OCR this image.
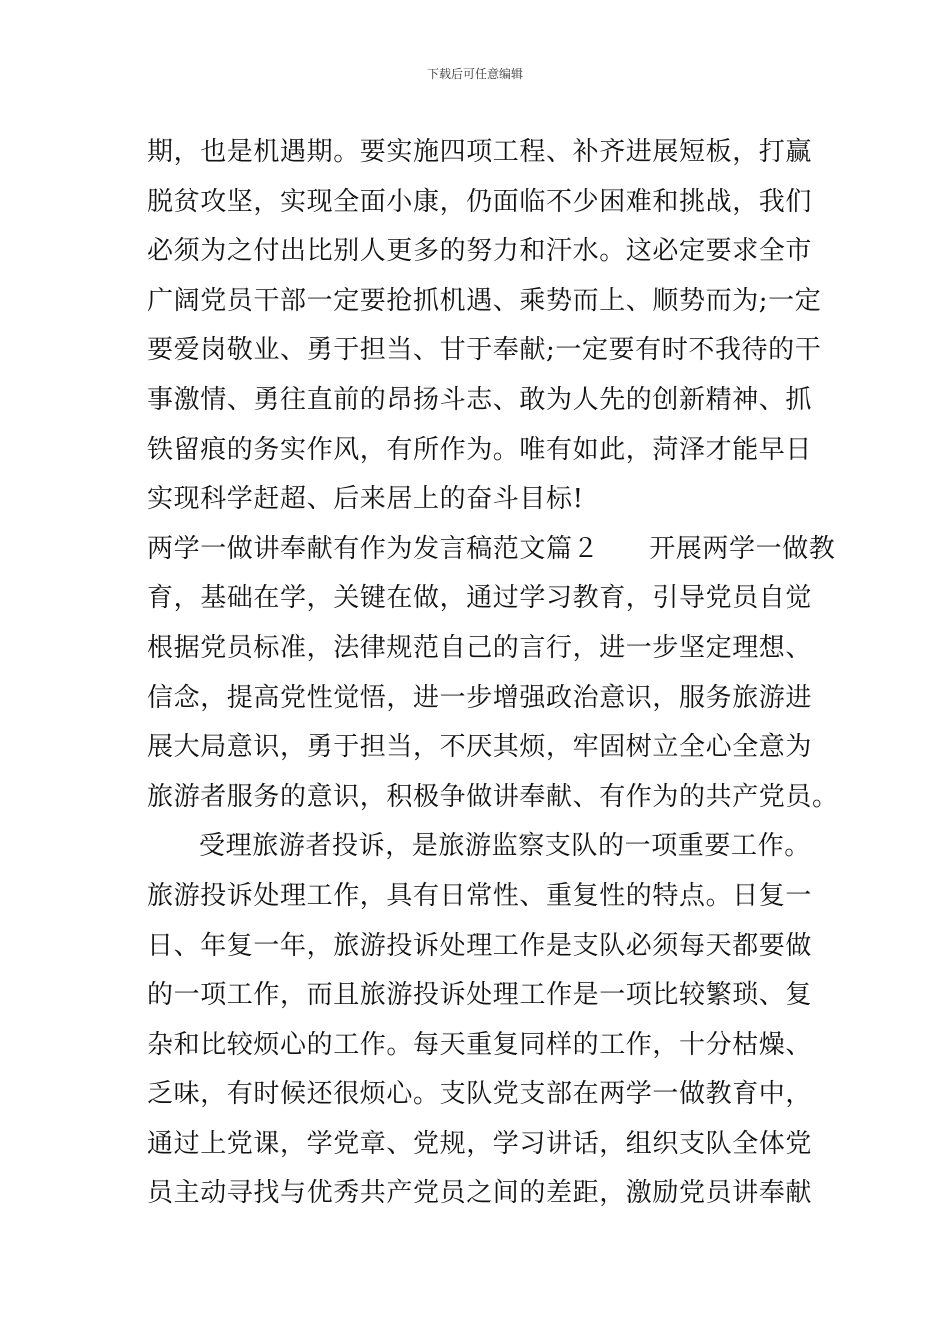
下载后可任意编辑
期，也是机遇期。要实施四项工程、补齐进展短板，打赢
脱贫攻坚，实现全面小康，仍面临不少困难和挑战，我们
必须为之付出比别人更多的努力和汗水。这必定要求全市
广阔党员干部一定要抢抓机遇、乘势而上、顺势而为;一定
要爱岗敬业、勇于担当、甘于奉献;一定要有时不我待的干
事激情、勇往直前的昂扬斗志、敢为人先的创新精神、抓
铁留痕的务实作风，有所作为。唯有如此，菏泽才能早日
实现科学赶超、后来居上的奋斗目标!
两学一做讲奉献有作为发言稿范文篇２ 开展两学一做教
育，基础在学，关键在做，通过学习教育，引导党员自觉
根据党员标准，法律规范自己的言行，进一步坚定理想、
信念，提高党性觉悟，进一步增强政治意识，服务旅游进
展大局意识，勇于担当，不厌其烦，牢固树立全心全意为
旅游者服务的意识，积极争做讲奉献、有作为的共产党员。
受理旅游者投诉，是旅游监察支队的一项重要工作。
旅游投诉处理工作，具有日常性、重复性的特点。日复一
日、年复一年，旅游投诉处理工作是支队必须每天都要做
的一项工作，而且旅游投诉处理工作是一项比较繁琐、复
杂和比较烦心的工作。每天重复同样的工作，十分枯燥、
乏味，有时候还很烦心。支队党支部在两学一做教育中，
通过上党课，学党章、党规，学习讲话，组织支队全体党
员主动寻找与优秀共产党员之间的差距，激励党员讲奉献
